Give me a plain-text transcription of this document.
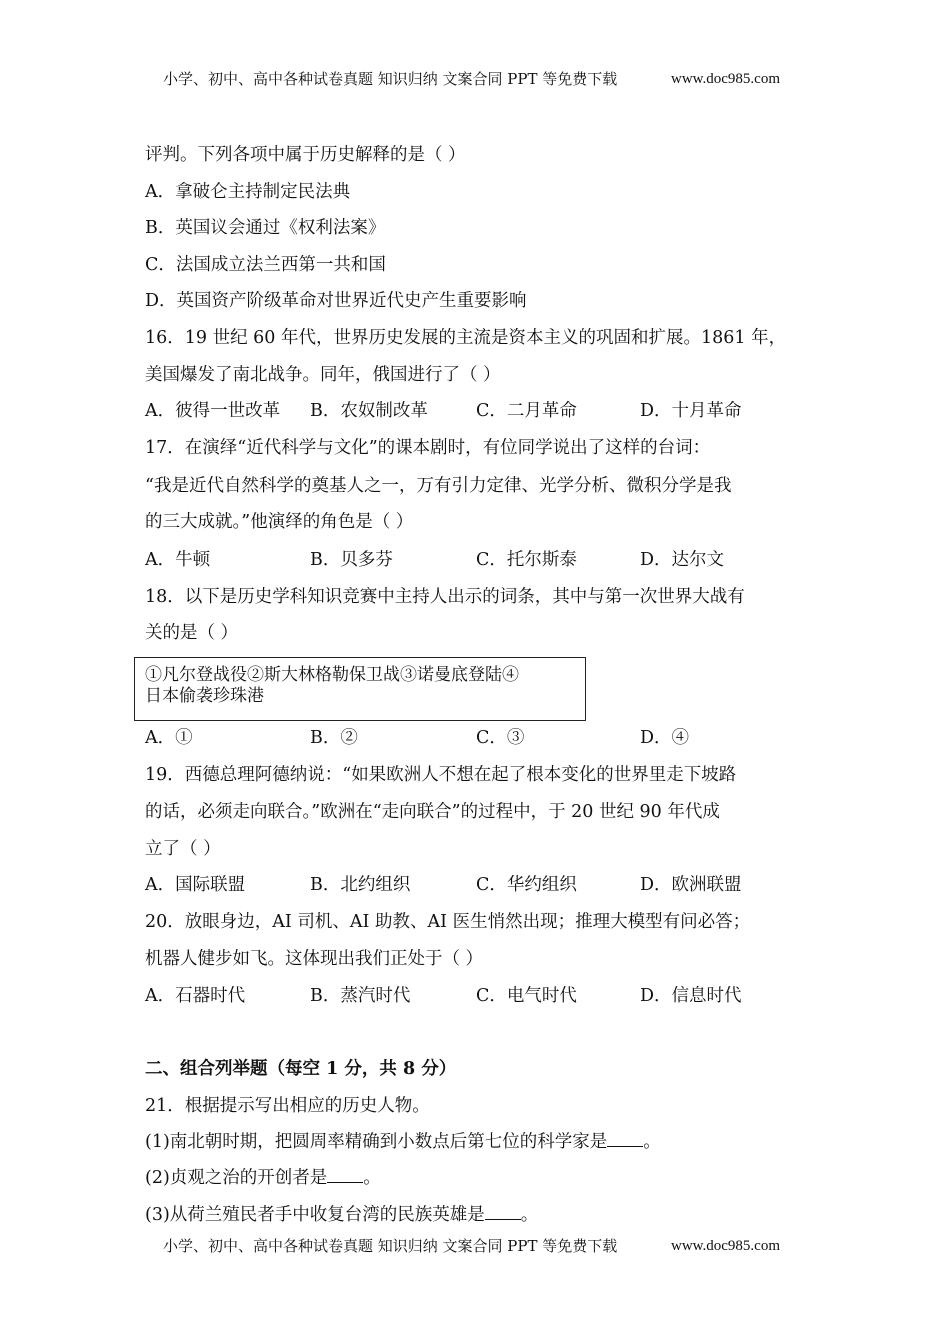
小学、初中、高中各种试卷真题 知识归纳 文案合同 PPT 等免费下载	www.doc985.com
评判。下列各项中属于历史解释的是（ ）
A．拿破仑主持制定民法典
B．英国议会通过《权利法案》
C．法国成立法兰西第一共和国
D．英国资产阶级革命对世界近代史产生重要影响
16．19 世纪 60 年代，世界历史发展的主流是资本主义的巩固和扩展。1861 年，
美国爆发了南北战争。同年，俄国进行了（ ）
A．彼得一世改革 B．农奴制改革	C．二月革命	D．十月革命
17．在演绎“近代科学与文化”的课本剧时，有位同学说出了这样的台词：
“我是近代自然科学的奠基人之一，万有引力定律、光学分析、微积分学是我
的三大成就。”他演绎的角色是（ ）
A．牛顿	B．贝多芬	C．托尔斯泰	D．达尔文
18．以下是历史学科知识竞赛中主持人出示的词条，其中与第一次世界大战有
关的是（ ）
①凡尔登战役②斯大林格勒保卫战③诺曼底登陆④
日本偷袭珍珠港
A．①	B．②	C．③	D．④
19．西德总理阿德纳说：“如果欧洲人不想在起了根本变化的世界里走下坡路
的话，必须走向联合。”欧洲在“走向联合”的过程中，于 20 世纪 90 年代成
立了（ ）
A．国际联盟	B．北约组织	C．华约组织	D．欧洲联盟
20．放眼身边，AI 司机、AI 助教、AI 医生悄然出现；推理大模型有问必答；
机器人健步如飞。这体现出我们正处于（ ）
A．石器时代	B．蒸汽时代	C．电气时代	D．信息时代
二、组合列举题（每空 1 分，共 8 分）
21．根据提示写出相应的历史人物。
(1)南北朝时期，把圆周率精确到小数点后第七位的科学家是 。
(2)贞观之治的开创者是 。
(3)从荷兰殖民者手中收复台湾的民族英雄是 。
小学、初中、高中各种试卷真题 知识归纳 文案合同 PPT 等免费下载	www.doc985.com
